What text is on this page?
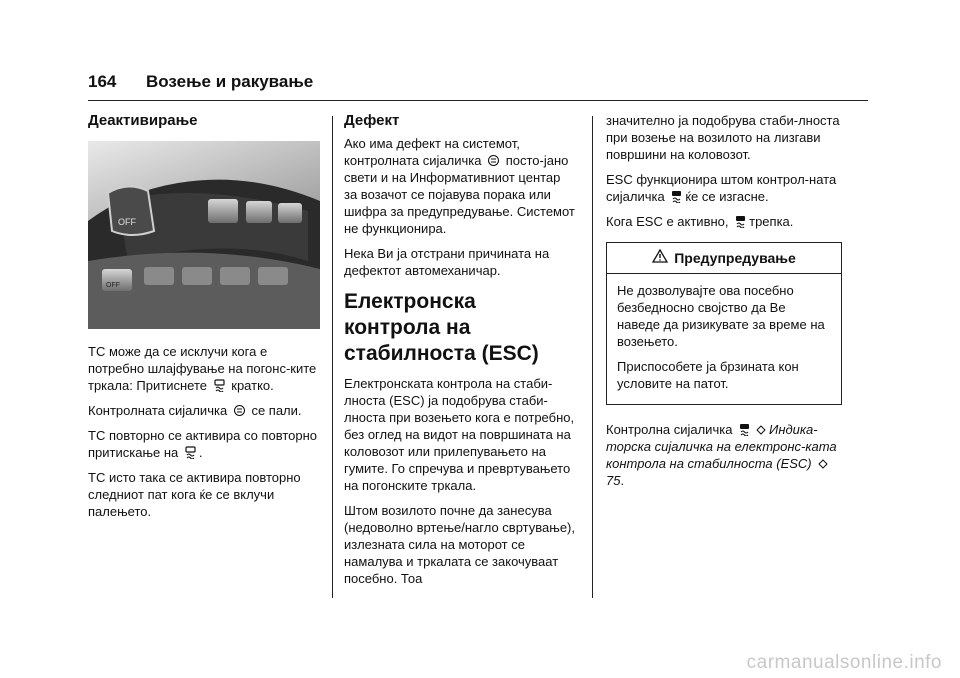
164 Возење и ракување
Деактивирање
OFF
OFF

TC може да се исклучи кога е потребно шлајфување на погонс-ките тркала: Притиснете кратко.

Контролната сијаличка се пали.

TC повторно се активира со повторно притискање на .

TC исто така се активира повторно следниот пат кога ќе се вклучи палењето.

Дефект

Ако има дефект на системот, контролната сијаличка посто-јано свети и на Информативниот центар за возачот се појавува порака или шифра за предупредување. Системот не функционира.

Нека Ви ја отстрани причината на дефектот автомеханичар.

Електронска контрола на стабилноста (ESC)

Електронската контрола на стаби-лноста (ESC) ја подобрува стаби-лноста при возењето кога е потребно, без оглед на видот на површината на коловозот или прилепувањето на гумите. Го спречува и превртувањето на погонските тркала.

Штом возилото почне да занесува (недоволно вртење/нагло свртување), излезната сила на моторот се намалува и тркалата се закочуваат посебно. Тоа

значително ја подобрува стаби-лноста при возење на возилото на лизгави површини на коловозот.

ESC функционира штом контрол-ната сијаличка ќе се изгасне.

Кога ESC е активно, трепка.

Предупредување

Не дозволувајте ова посебно безбедносно својство да Ве наведе да ризикувате за време на возењето.

Приспособете ја брзината кон условите на патот.

Контролна сијаличка	Индика-торска сијаличка на електронс-ката контрола на стабилноста (ESC) 75.

carmanualsonline.info
